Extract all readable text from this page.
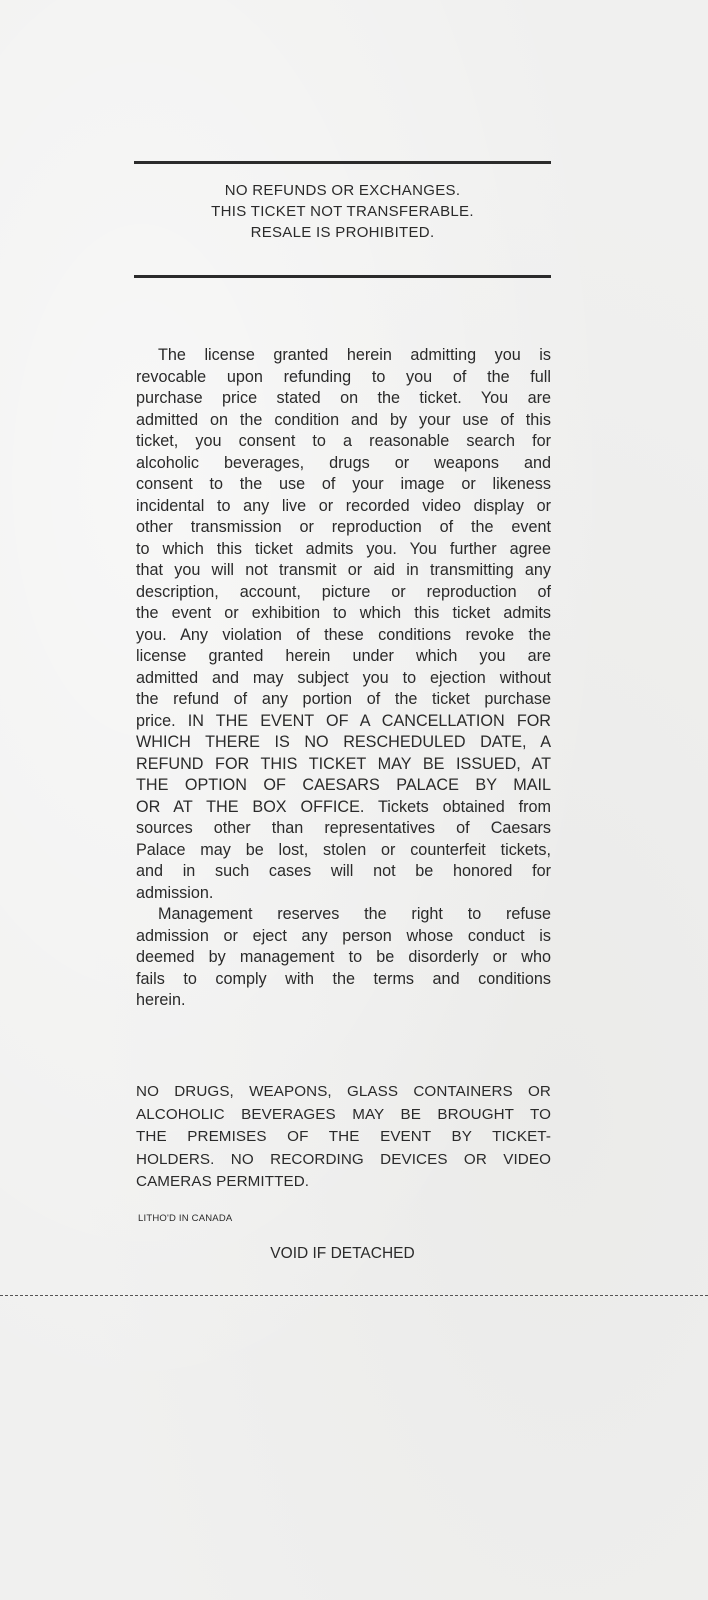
NO REFUNDS OR EXCHANGES.
THIS TICKET NOT TRANSFERABLE.
RESALE IS PROHIBITED.
The license granted herein admitting you is
revocable upon refunding to you of the full
purchase price stated on the ticket. You are
admitted on the condition and by your use of this
ticket, you consent to a reasonable search for
alcoholic beverages, drugs or weapons and
consent to the use of your image or likeness
incidental to any live or recorded video display or
other transmission or reproduction of the event
to which this ticket admits you. You further agree
that you will not transmit or aid in transmitting any
description, account, picture or reproduction of
the event or exhibition to which this ticket admits
you. Any violation of these conditions revoke the
license granted herein under which you are
admitted and may subject you to ejection without
the refund of any portion of the ticket purchase
price. IN THE EVENT OF A CANCELLATION FOR
WHICH THERE IS NO RESCHEDULED DATE, A
REFUND FOR THIS TICKET MAY BE ISSUED, AT
THE OPTION OF CAESARS PALACE BY MAIL
OR AT THE BOX OFFICE. Tickets obtained from
sources other than representatives of Caesars
Palace may be lost, stolen or counterfeit tickets,
and in such cases will not be honored for
admission.
Management reserves the right to refuse
admission or eject any person whose conduct is
deemed by management to be disorderly or who
fails to comply with the terms and conditions
herein.
NO DRUGS, WEAPONS, GLASS CONTAINERS OR
ALCOHOLIC BEVERAGES MAY BE BROUGHT TO
THE PREMISES OF THE EVENT BY TICKET-
HOLDERS. NO RECORDING DEVICES OR VIDEO
CAMERAS PERMITTED.
LITHO'D IN CANADA
VOID IF DETACHED
